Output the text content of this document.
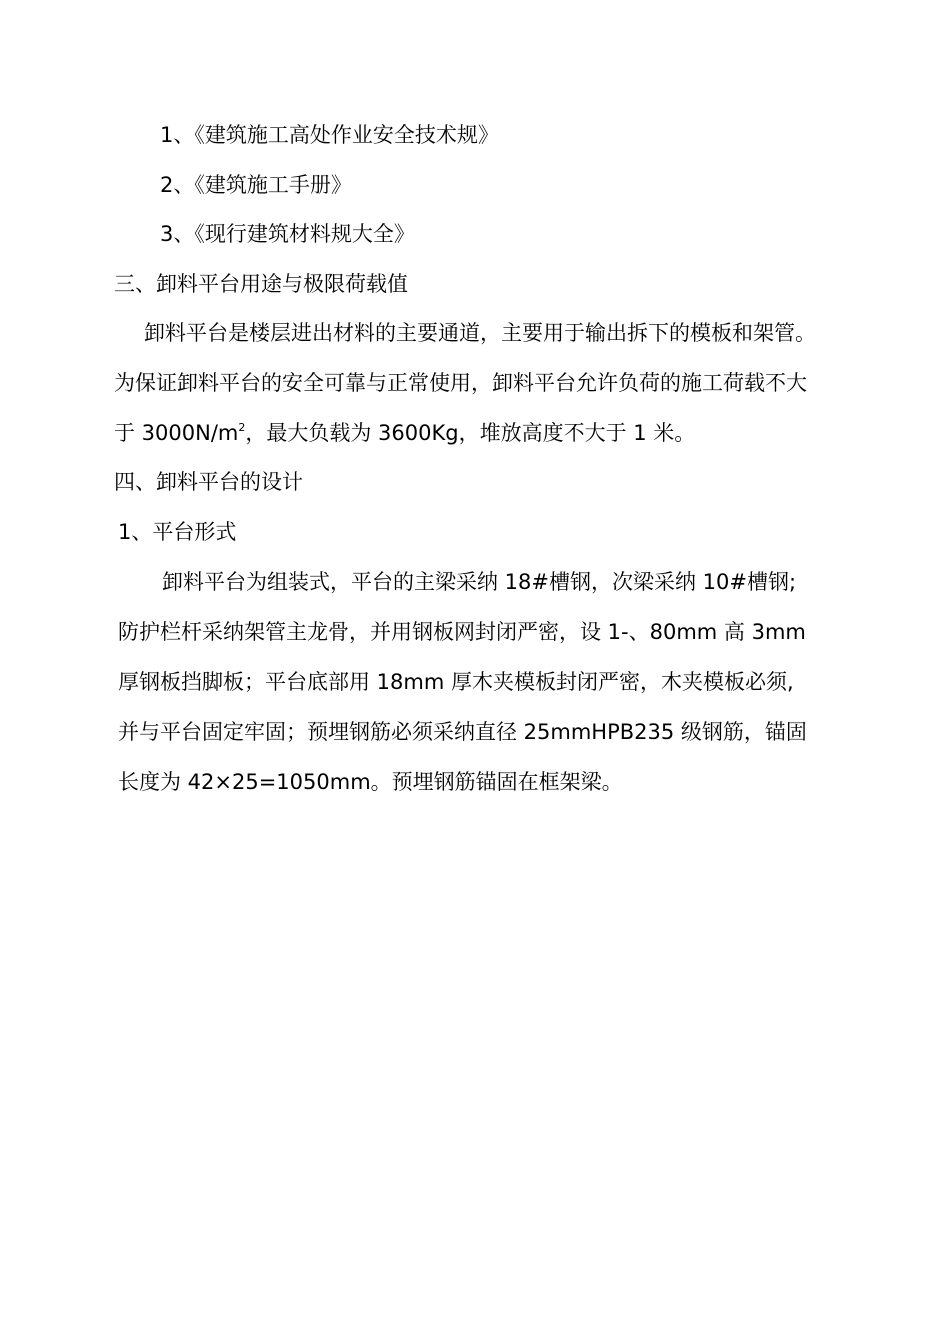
1、《建筑施工高处作业安全技术规》
2、《建筑施工手册》
3、《现行建筑材料规大全》
三、卸料平台用途与极限荷载值
卸料平台是楼层进出材料的主要通道，主要用于输出拆下的模板和架管。
为保证卸料平台的安全可靠与正常使用，卸料平台允许负荷的施工荷载不大
于 $3000N/m^2$，最大负载为 3600Kg，堆放高度不大于 1 米。
四、卸料平台的设计
1、平台形式
卸料平台为组装式，平台的主梁采纳 18#槽钢，次梁采纳 10#槽钢;
防护栏杆采纳架管主龙骨，并用钢板网封闭严密，设 1-、80mm 高 3mm
厚钢板挡脚板；平台底部用 18mm 厚木夹模板封闭严密，木夹模板必须,
并与平台固定牢固；预埋钢筋必须采纳直径 25mmHPB235 级钢筋，锚固
长度为 42×25=1050mm。预埋钢筋锚固在框架梁。
